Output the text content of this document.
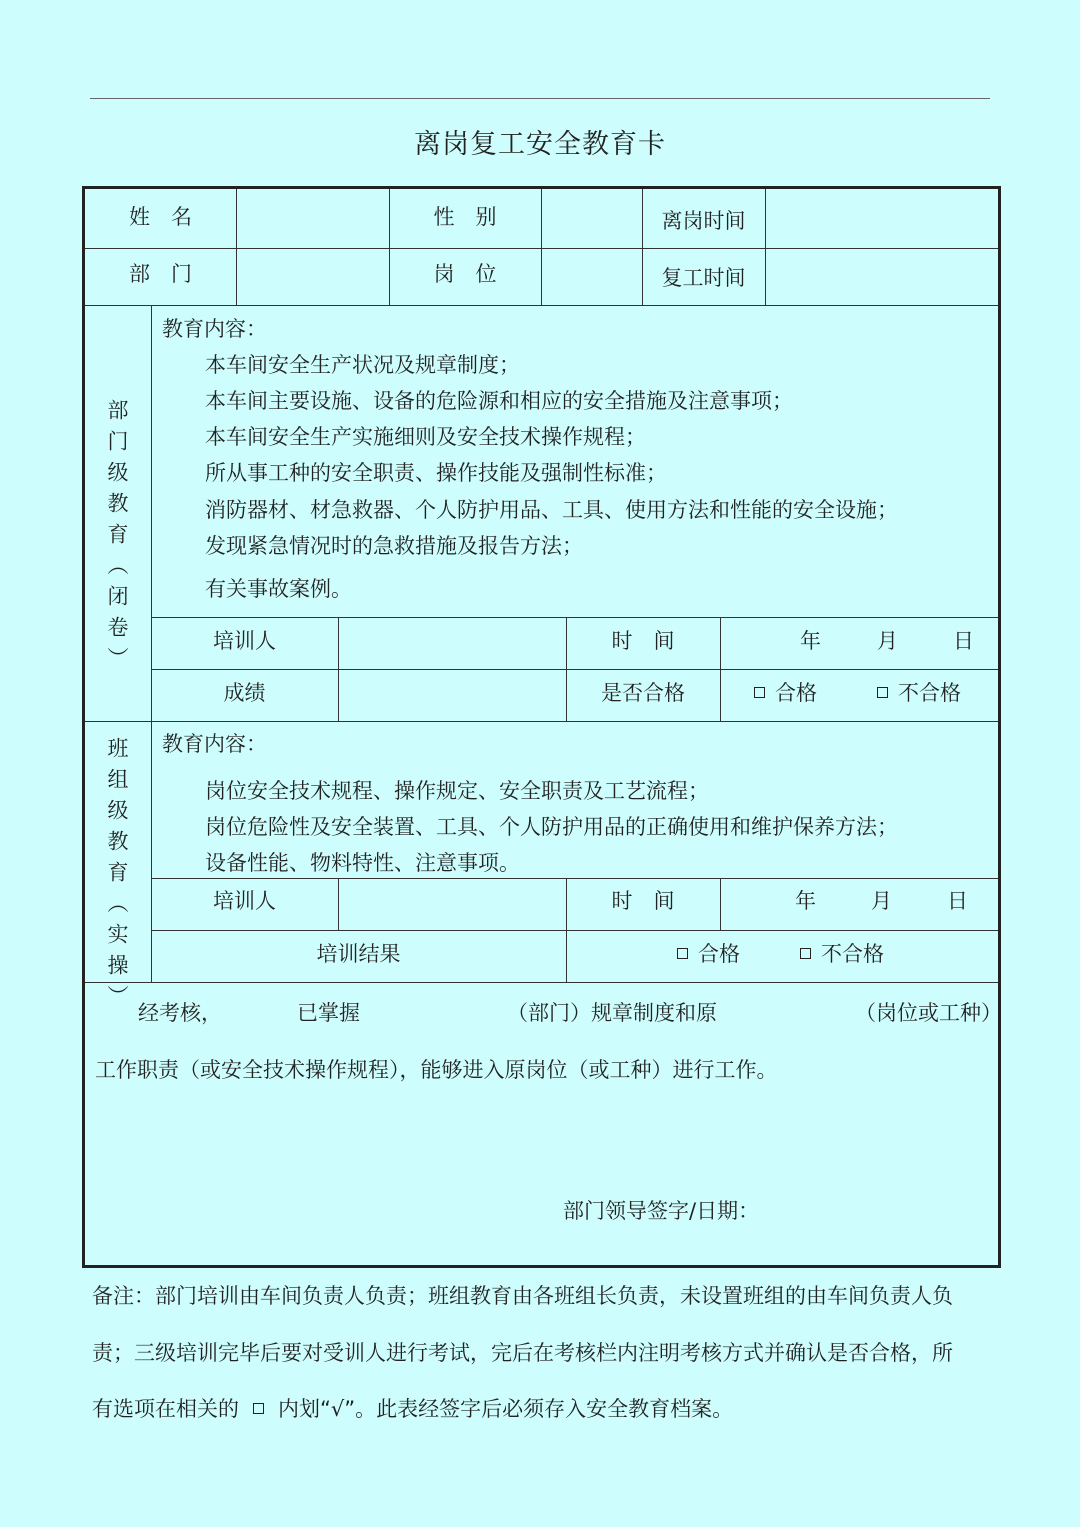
离岗复工安全教育卡
姓　名	性　别	离岗时间
部　门	岗　位	复工时间
部门级教育（闭卷）
教育内容：
本车间安全生产状况及规章制度；
本车间主要设施、设备的危险源和相应的安全措施及注意事项；
本车间安全生产实施细则及安全技术操作规程；
所从事工种的安全职责、操作技能及强制性标准；
消防器材、材急救器、个人防护用品、工具、使用方法和性能的安全设施；
发现紧急情况时的急救措施及报告方法；
有关事故案例。
培训人	时　间	年	月	日
成绩	是否合格	合格	不合格
班组级教育（实操） 教育内容：
岗位安全技术规程、操作规定、安全职责及工艺流程；
岗位危险性及安全装置、工具、个人防护用品的正确使用和维护保养方法；
设备性能、物料特性、注意事项。
培训人	时　间	年	月	日
培训结果	合格	不合格
经考核，	已掌握	（部门）规章制度和原	（岗位或工种）
工作职责（或安全技术操作规程），能够进入原岗位（或工种）进行工作。
部门领导签字/日期：
备注：部门培训由车间负责人负责；班组教育由各班组长负责，未设置班组的由车间负责人负
责；三级培训完毕后要对受训人进行考试，完后在考核栏内注明考核方式并确认是否合格，所
有选项在相关的 内划“√”。此表经签字后必须存入安全教育档案。
